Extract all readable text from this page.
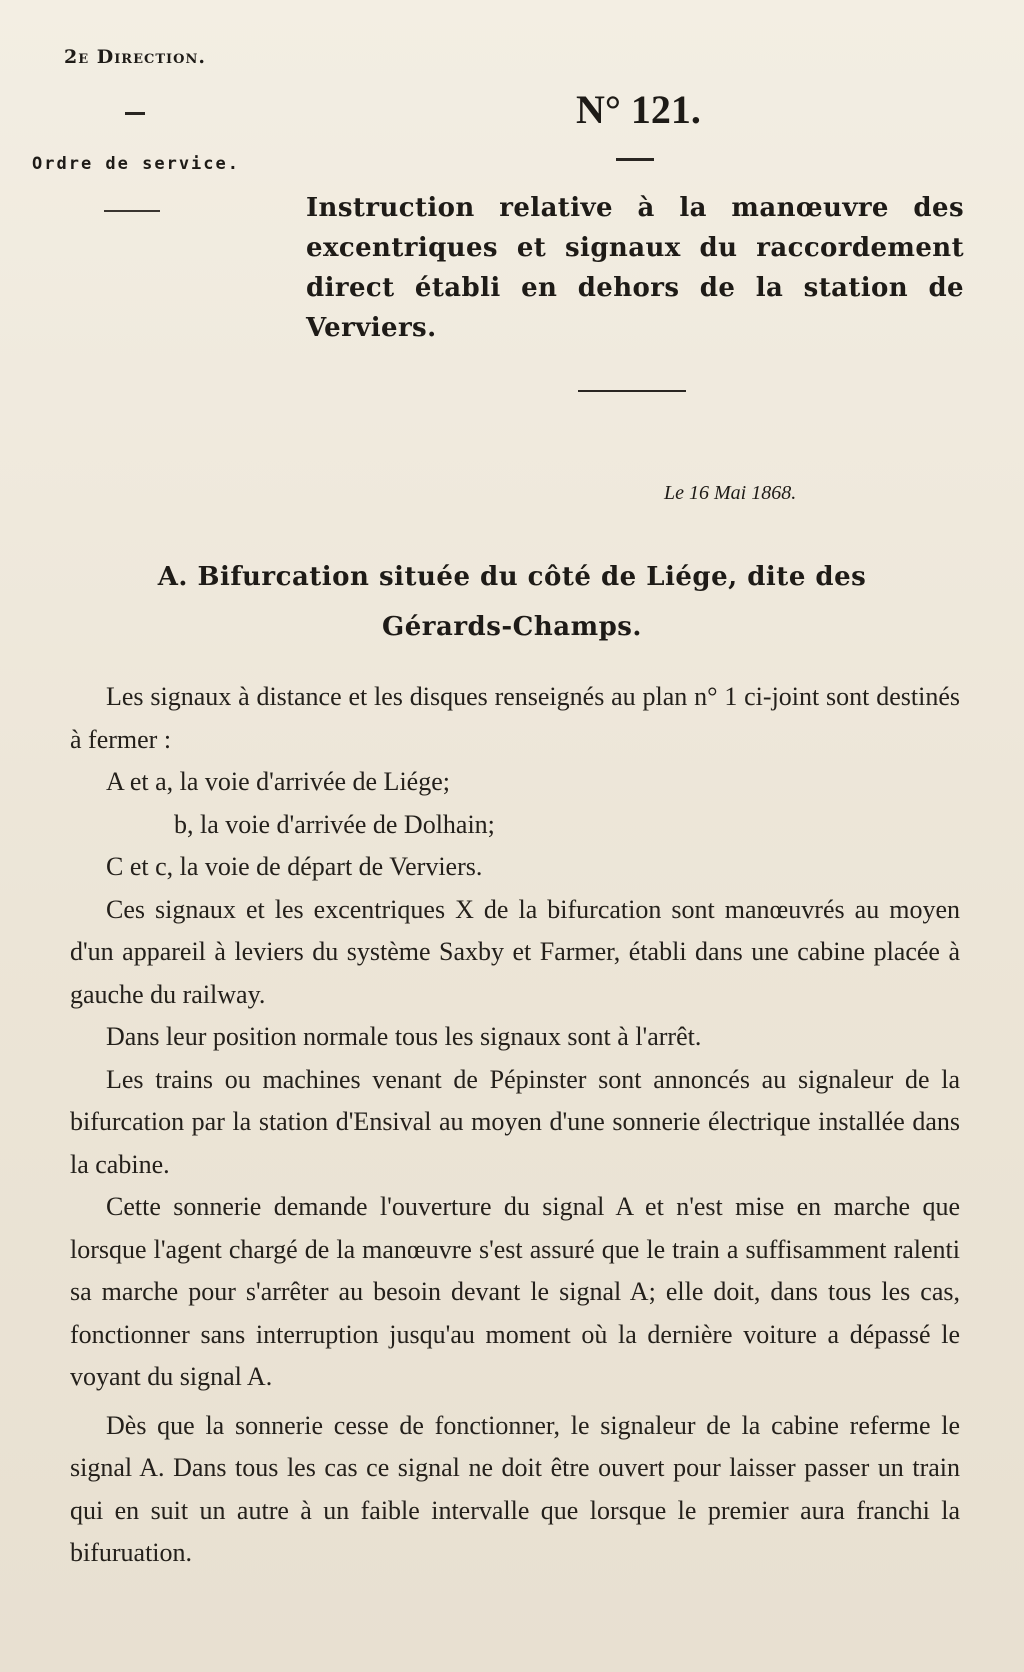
2e Direction.
Ordre de service.
N° 121.
Instruction relative à la manœuvre des excentriques et signaux du raccordement direct établi en dehors de la station de Verviers.
Le 16 Mai 1868.
A. Bifurcation située du côté de Liége, dite des
Gérards-Champs.

Les signaux à distance et les disques renseignés au plan n° 1 ci-joint sont destinés à fermer :

A et a, la voie d'arrivée de Liége;

b, la voie d'arrivée de Dolhain;

C et c, la voie de départ de Verviers.

Ces signaux et les excentriques X de la bifurcation sont manœuvrés au moyen d'un appareil à leviers du système Saxby et Farmer, établi dans une cabine placée à gauche du railway.

Dans leur position normale tous les signaux sont à l'arrêt.

Les trains ou machines venant de Pépinster sont annoncés au signaleur de la bifurcation par la station d'Ensival au moyen d'une sonnerie électrique installée dans la cabine.

Cette sonnerie demande l'ouverture du signal A et n'est mise en marche que lorsque l'agent chargé de la manœuvre s'est assuré que le train a suffisamment ralenti sa marche pour s'arrêter au besoin devant le signal A; elle doit, dans tous les cas, fonctionner sans interruption jusqu'au moment où la dernière voiture a dépassé le voyant du signal A.

Dès que la sonnerie cesse de fonctionner, le signaleur de la cabine referme le signal A. Dans tous les cas ce signal ne doit être ouvert pour laisser passer un train qui en suit un autre à un faible intervalle que lorsque le premier aura franchi la bifuruation.
